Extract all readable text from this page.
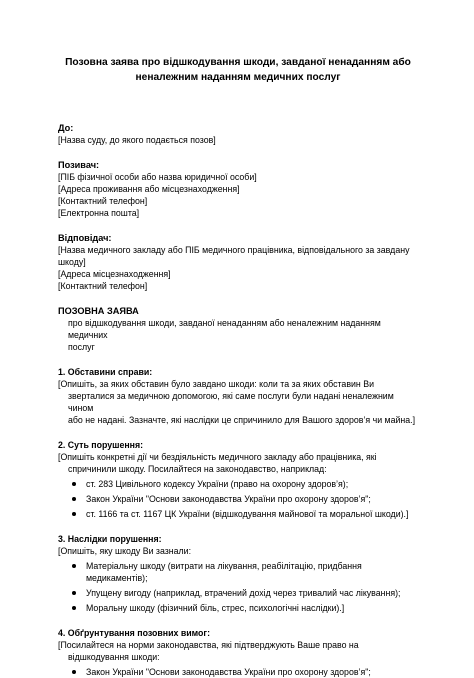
Позовна заява про відшкодування шкоди, завданої ненаданням або
неналежним наданням медичних послуг

До:

[Назва суду, до якого подається позов]

Позивач:

[ПІБ фізичної особи або назва юридичної особи]

[Адреса проживання або місцезнаходження]

[Контактний телефон]

[Електронна пошта]

Відповідач:

[Назва медичного закладу або ПІБ медичного працівника, відповідального за завдану

шкоду]

[Адреса місцезнаходження]

[Контактний телефон]

ПОЗОВНА ЗАЯВА

про відшкодування шкоди, завданої ненаданням або неналежним наданням медичних

послуг

1. Обставини справи:

[Опишіть, за яких обставин було завдано шкоди: коли та за яких обставин Ви

зверталися за медичною допомогою, які саме послуги були надані неналежним чином

або не надані. Зазначте, які наслідки це спричинило для Вашого здоров’я чи майна.]

2. Суть порушення:

[Опишіть конкретні дії чи бездіяльність медичного закладу або працівника, які

спричинили шкоду. Посилайтеся на законодавство, наприклад:

ст. 283 Цивільного кодексу України (право на охорону здоров’я);
Закон України "Основи законодавства України про охорону здоров’я";
ст. 1166 та ст. 1167 ЦК України (відшкодування майнової та моральної шкоди).]

3. Наслідки порушення:

[Опишіть, яку шкоду Ви зазнали:

Матеріальну шкоду (витрати на лікування, реабілітацію, придбання
медикаментів);
Упущену вигоду (наприклад, втрачений дохід через тривалий час лікування);
Моральну шкоду (фізичний біль, стрес, психологічні наслідки).]

4. Обґрунтування позовних вимог:

[Посилайтеся на норми законодавства, які підтверджують Ваше право на

відшкодування шкоди:

Закон України "Основи законодавства України про охорону здоров’я";
